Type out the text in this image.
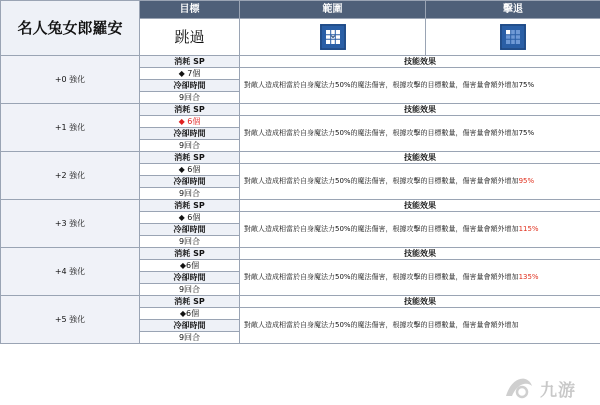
名人兔女郎羅安	目標	範圍	擊退
	跳過	

+0 強化	消耗 SP	技能效果	
	◆ 7個	對敵人造成相當於自身魔法力50%的魔法傷害，根據攻擊的目標數量，傷害量會額外增加75%	
	冷卻時間		
	9回合		
+1 強化	消耗 SP	技能效果	
	◆ 6個	對敵人造成相當於自身魔法力50%的魔法傷害，根據攻擊的目標數量，傷害量會額外增加75%	
	冷卻時間		
	9回合		
+2 強化	消耗 SP	技能效果	
	◆ 6個	對敵人造成相當於自身魔法力50%的魔法傷害，根據攻擊的目標數量，傷害量會額外增加95%	
	冷卻時間		
	9回合		
+3 強化	消耗 SP	技能效果	
	◆ 6個	對敵人造成相當於自身魔法力50%的魔法傷害，根據攻擊的目標數量，傷害量會額外增加115%	
	冷卻時間		
	9回合		
+4 強化	消耗 SP	技能效果	
	◆6個	對敵人造成相當於自身魔法力50%的魔法傷害，根據攻擊的目標數量，傷害量會額外增加135%	
	冷卻時間		
	9回合		
+5 強化	消耗 SP	技能效果	
	◆6個	對敵人造成相當於自身魔法力50%的魔法傷害，根據攻擊的目標數量，傷害量會額外增加	
	冷卻時間		
	9回合		
九游
